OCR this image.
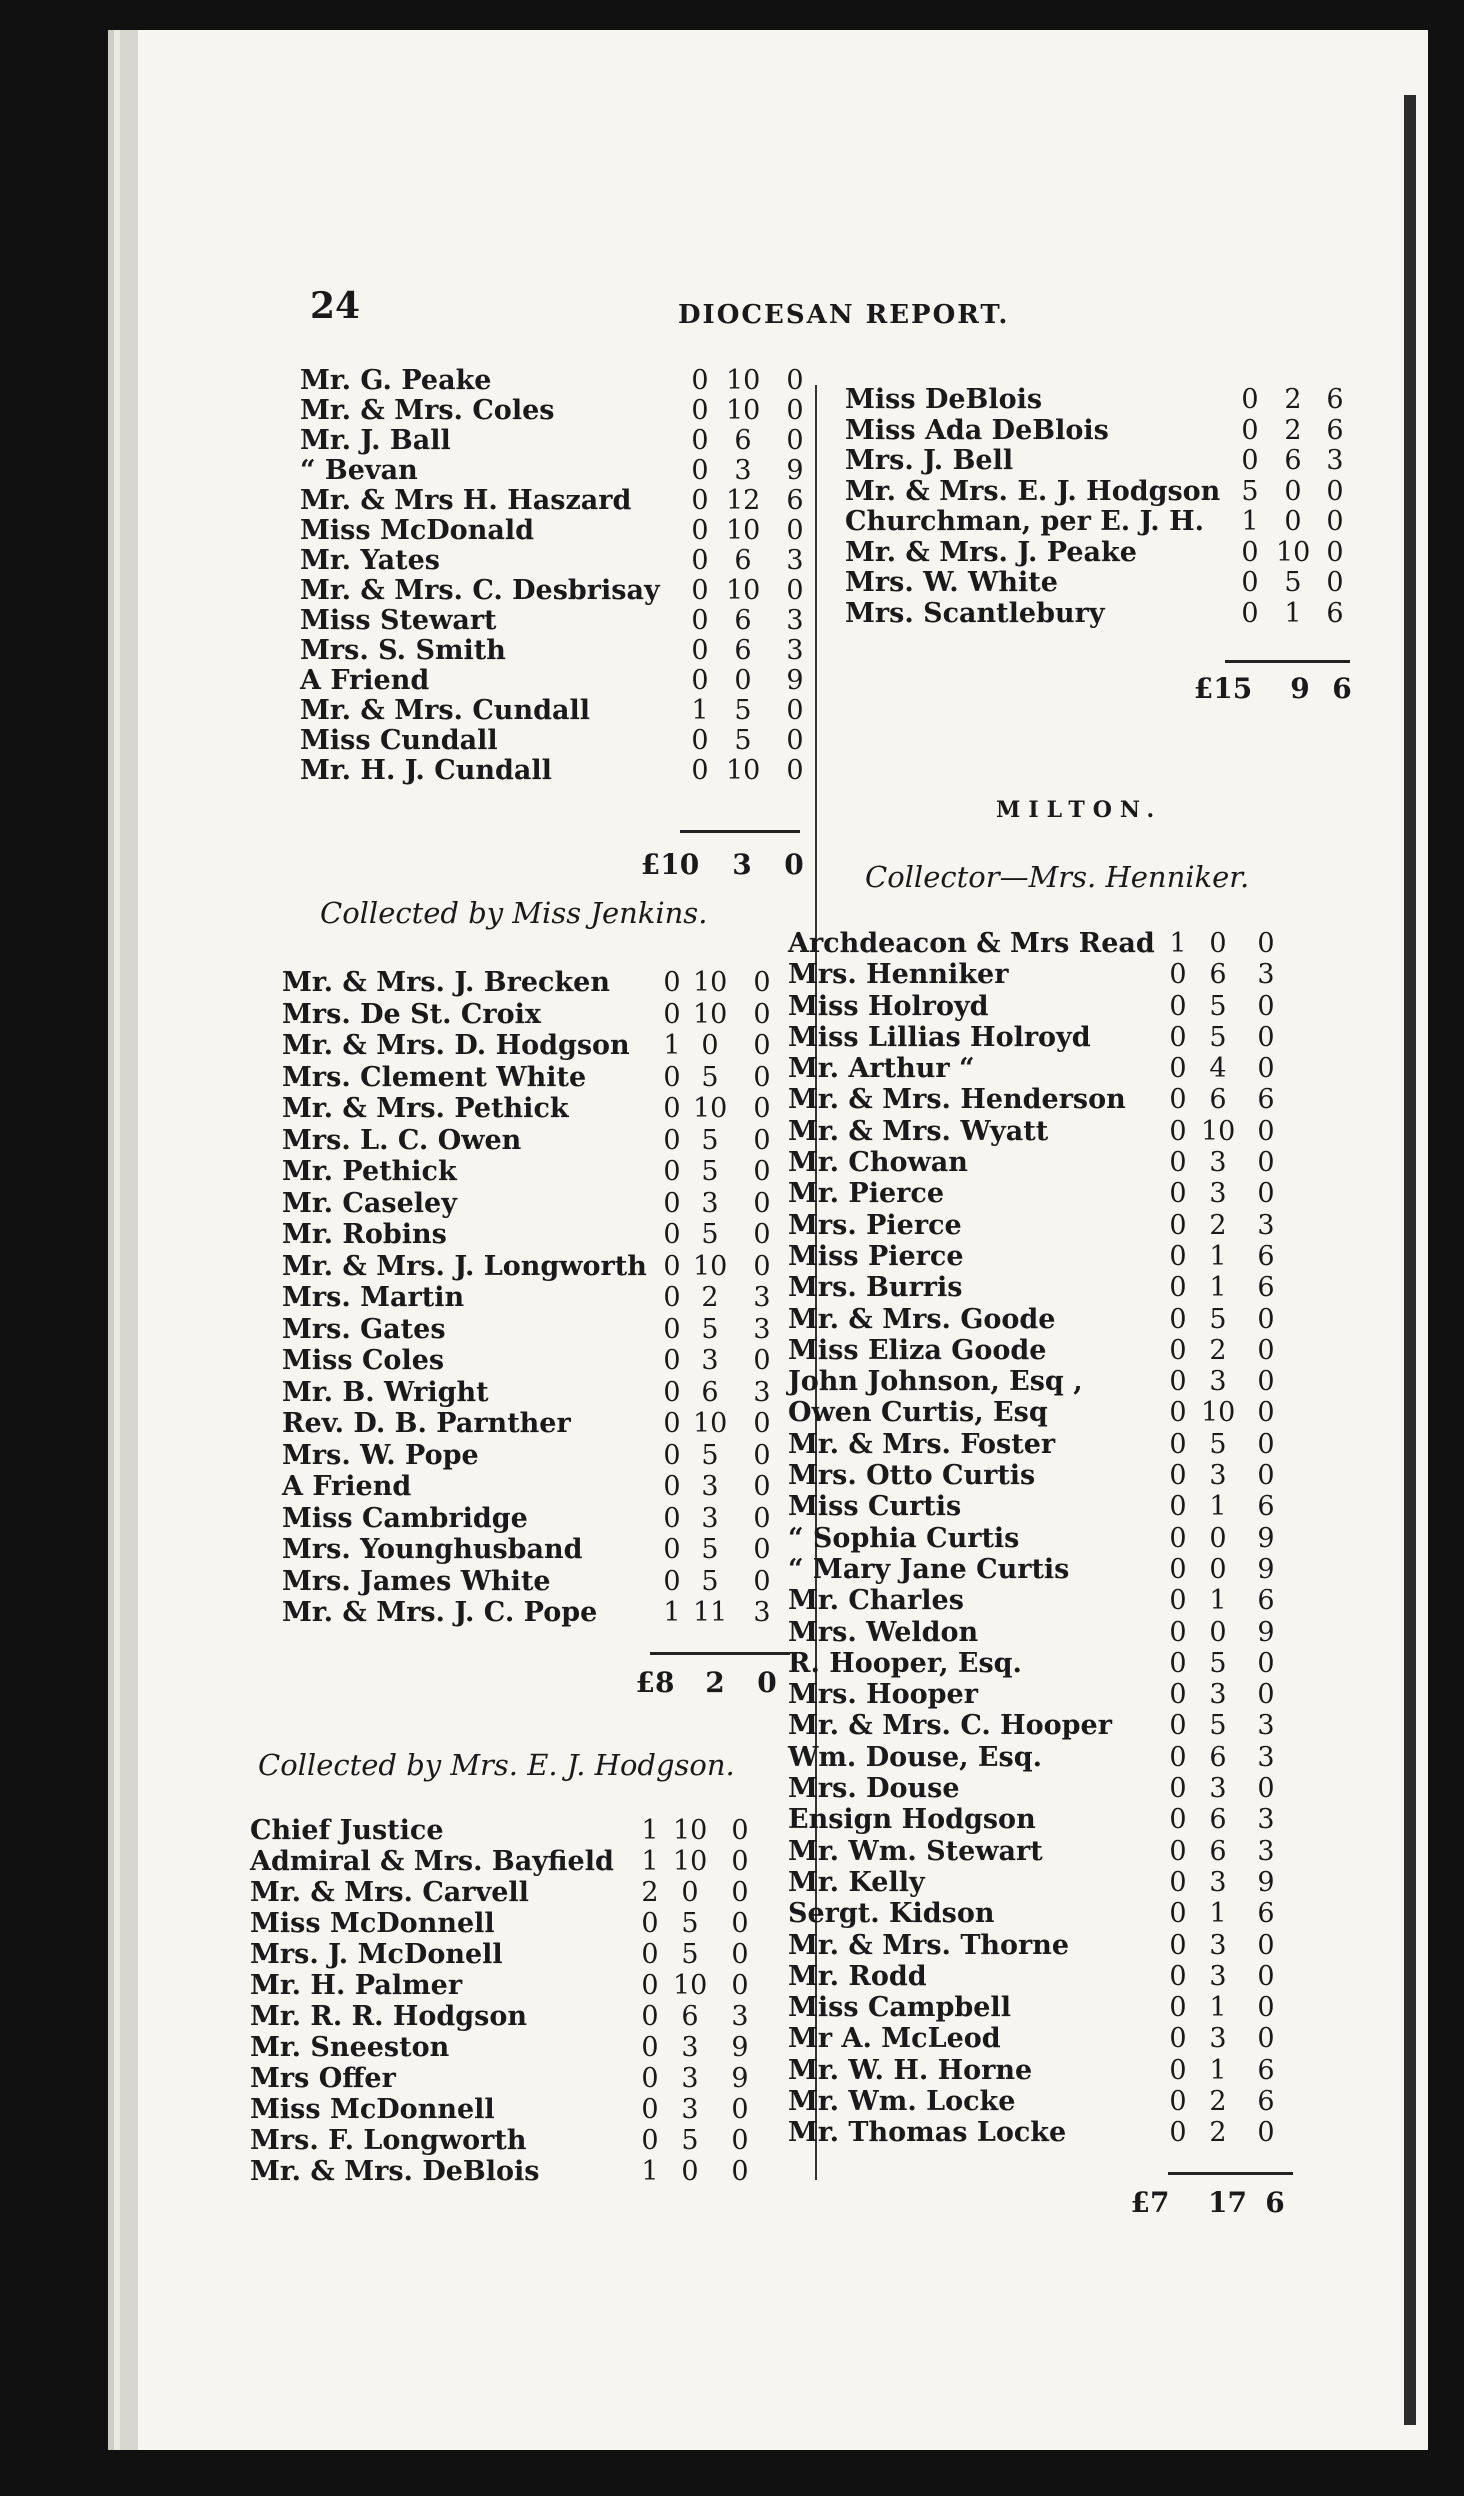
24	DIOCESAN REPORT.
Mr. G. Peake	0 10 0
Mr. & Mrs. Coles	0 10 0
Mr. J. Ball	0 6	0
“ Bevan	0 3	9
Mr. & Mrs H. Haszard	0 12 6
Miss McDonald	0 10 0
Mr. Yates	0 6	3
Mr. & Mrs. C. Desbrisay	0 10 0
Miss Stewart	0 6	3
Mrs. S. Smith	0 6	3
A Friend	0 0	9
Mr. & Mrs. Cundall	1 5	0
Miss Cundall	0 5	0
Mr. H. J. Cundall	0 10 0
£10 3 0
Collected by Miss Jenkins.
Mr. & Mrs. J. Brecken	0 10 0
Mrs. De St. Croix	0 10 0
Mr. & Mrs. D. Hodgson	1 0	0
Mrs. Clement White	0 5	0
Mr. & Mrs. Pethick	0 10 0
Mrs. L. C. Owen	0 5	0
Mr. Pethick	0 5	0
Mr. Caseley	0 3	0
Mr. Robins	0 5	0
Mr. & Mrs. J. Longworth 0 10 0
Mrs. Martin	0 2	3
Mrs. Gates	0 5	3
Miss Coles	0 3	0
Mr. B. Wright	0 6	3
Rev. D. B. Parnther	0 10 0
Mrs. W. Pope	0 5	0
A Friend	0 3	0
Miss Cambridge	0 3	0
Mrs. Younghusband	0 5	0
Mrs. James White	0 5	0
Mr. & Mrs. J. C. Pope	1 11 3
£8	2 0
Collected by Mrs. E. J. Hodgson.
Chief Justice	1 10 0
Admiral & Mrs. Bayfield	1 10 0
Mr. & Mrs. Carvell	2 0	0
Miss McDonnell	0 5	0
Mrs. J. McDonell	0 5	0
Mr. H. Palmer	0 10 0
Mr. R. R. Hodgson	0 6	3
Mr. Sneeston	0 3	9
Mrs Offer	0 3	9
Miss McDonnell	0 3	0
Mrs. F. Longworth	0 5	0
Mr. & Mrs. DeBlois	1 0	0
Miss DeBlois	0 2 6
Miss Ada DeBlois	0 2 6
Mrs. J. Bell	0 6 3
Mr. & Mrs. E. J. Hodgson 5 0 0
Churchman, per E. J. H.	1 0 0
Mr. & Mrs. J. Peake	0 10 0
Mrs. W. White	0 5 0
Mrs. Scantlebury	0 1 6
£15 9 6
MILTON.
Collector—Mrs. Henniker.
Archdeacon & Mrs Read 1 0	0
Mrs. Henniker	0 6	3
Miss Holroyd	0 5	0
Miss Lillias Holroyd	0 5	0
Mr. Arthur “	0 4	0
Mr. & Mrs. Henderson	0 6	6
Mr. & Mrs. Wyatt	0 10 0
Mr. Chowan	0 3	0
Mr. Pierce	0 3	0
Mrs. Pierce	0 2	3
Miss Pierce	0 1	6
Mrs. Burris	0 1	6
Mr. & Mrs. Goode	0 5	0
Miss Eliza Goode	0 2	0
John Johnson, Esq ,	0 3	0
Owen Curtis, Esq	0 10 0
Mr. & Mrs. Foster	0 5	0
Mrs. Otto Curtis	0 3	0
Miss Curtis	0 1	6
“ Sophia Curtis	0 0	9
“ Mary Jane Curtis	0 0	9
Mr. Charles	0 1	6
Mrs. Weldon	0 0	9
R. Hooper, Esq.	0 5	0
Mrs. Hooper	0 3	0
Mr. & Mrs. C. Hooper	0 5	3
Wm. Douse, Esq.	0 6	3
Mrs. Douse	0 3	0
Ensign Hodgson	0 6	3
Mr. Wm. Stewart	0 6	3
Mr. Kelly	0 3	9
Sergt. Kidson	0 1	6
Mr. & Mrs. Thorne	0 3	0
Mr. Rodd	0 3	0
Miss Campbell	0 1	0
Mr A. McLeod	0 3	0
Mr. W. H. Horne	0 1	6
Mr. Wm. Locke	0 2	6
Mr. Thomas Locke	0 2	0
£7	17 6
